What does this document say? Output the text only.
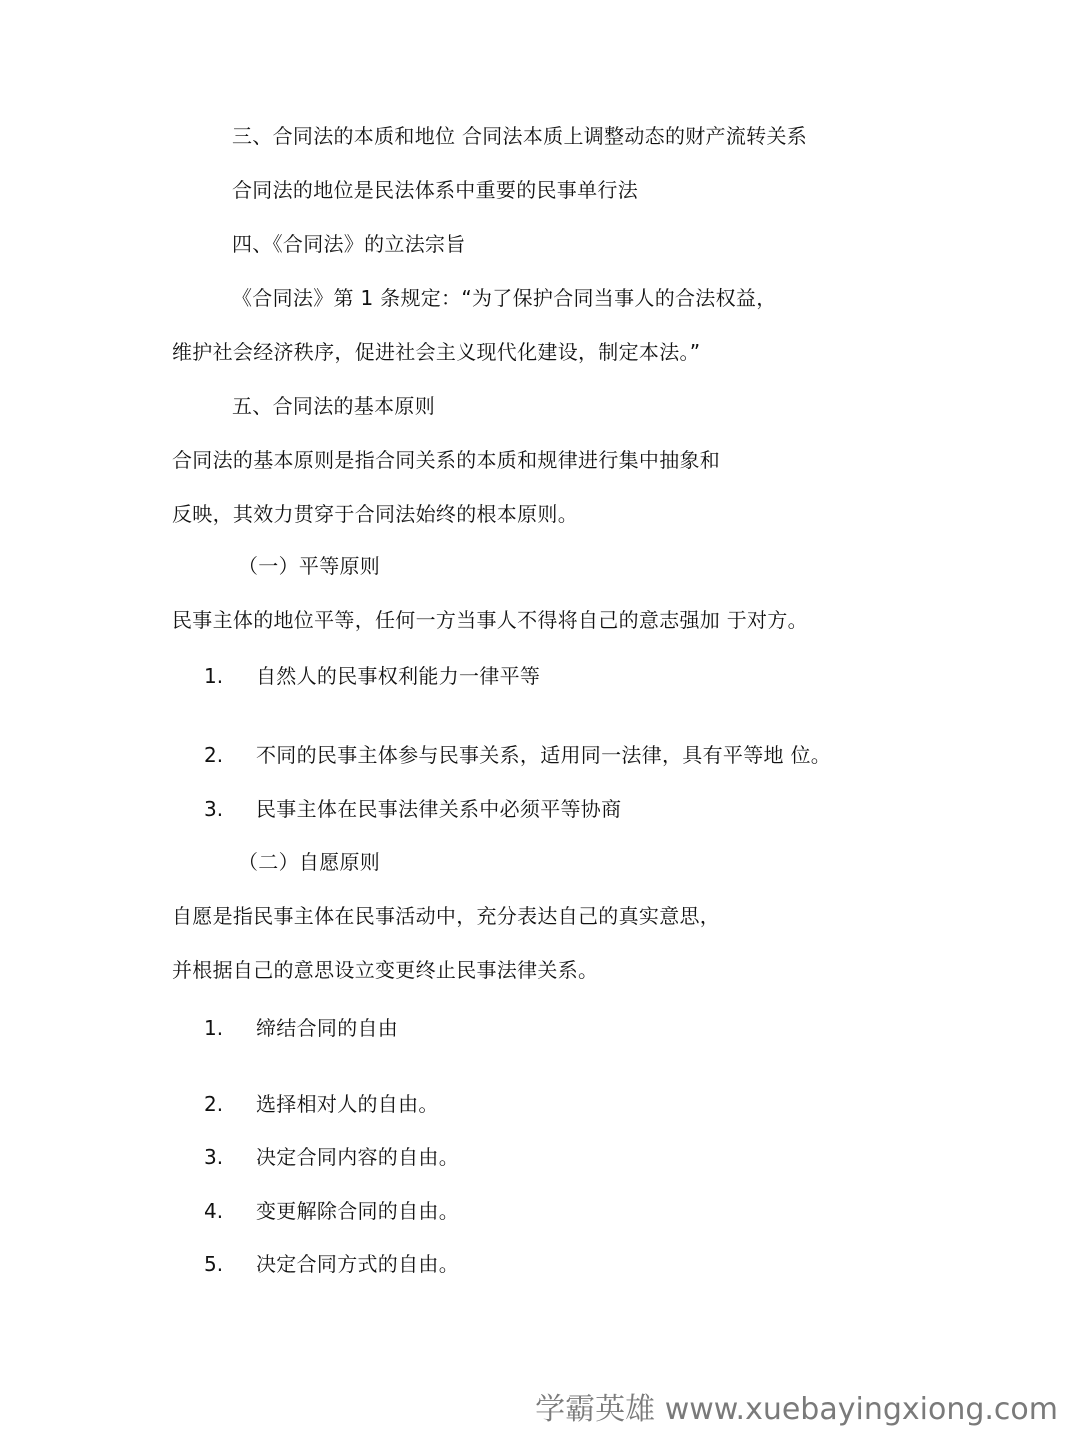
三、合同法的本质和地位 合同法本质上调整动态的财产流转关系
合同法的地位是民法体系中重要的民事单行法
四、《合同法》的立法宗旨
《合同法》第 1 条规定：“为了保护合同当事人的合法权益，
维护社会经济秩序，促进社会主义现代化建设，制定本法。”
五、合同法的基本原则
合同法的基本原则是指合同关系的本质和规律进行集中抽象和
反映，其效力贯穿于合同法始终的根本原则。
（一）平等原则
民事主体的地位平等，任何一方当事人不得将自己的意志强加 于对方。
1. 自然人的民事权利能力一律平等
2. 不同的民事主体参与民事关系，适用同一法律，具有平等地 位。
3. 民事主体在民事法律关系中必须平等协商
（二）自愿原则
自愿是指民事主体在民事活动中，充分表达自己的真实意思，
并根据自己的意思设立变更终止民事法律关系。
1. 缔结合同的自由
2. 选择相对人的自由。
3. 决定合同内容的自由。
4. 变更解除合同的自由。
5. 决定合同方式的自由。
学霸英雄 www.xuebayingxiong.com
